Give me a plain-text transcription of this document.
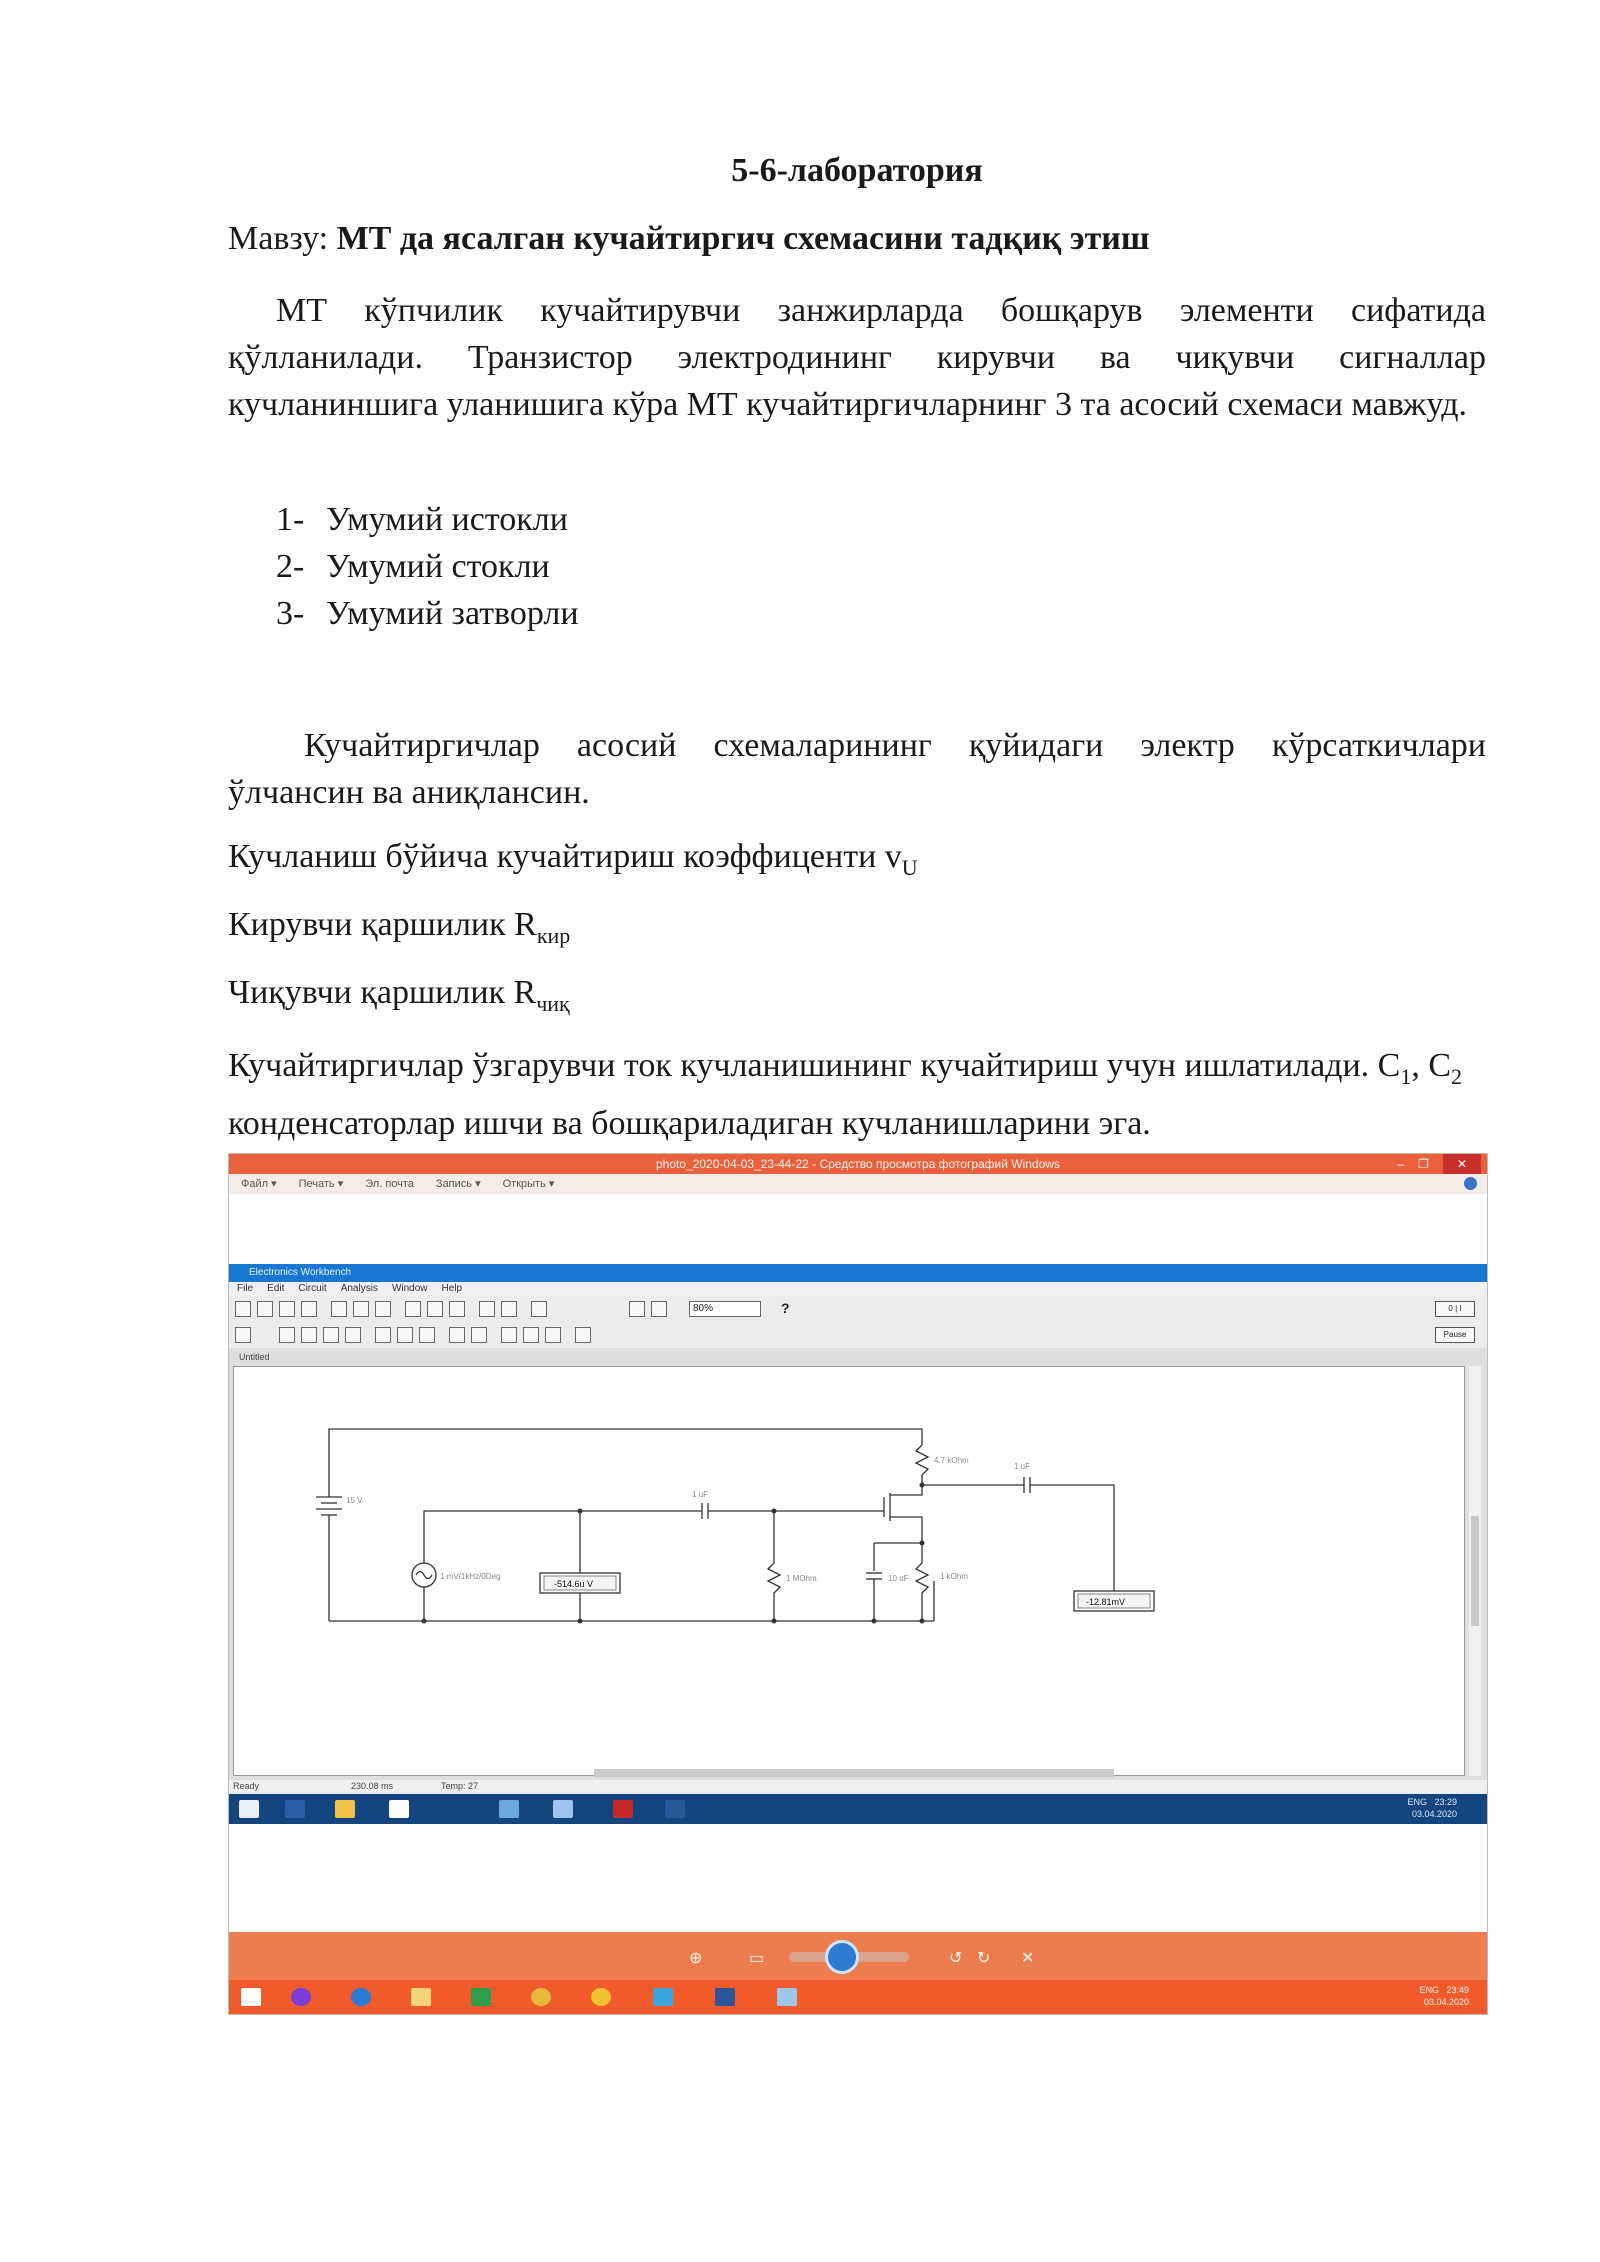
5-6-лаборатория
Мавзу: МТ да ясалган кучайтиргич схемасини тадқиқ этиш
МТ кўпчилик кучайтирувчи занжирларда бошқарув элементи сифатида қўлланилади. Транзистор электродининг кирувчи ва чиқувчи сигналлар кучланиншига уланишига кўра МТ кучайтиргичларнинг 3 та асосий схемаси мавжуд.
1- Умумий истокли
2- Умумий стокли
3- Умумий затворли
Кучайтиргичлар асосий схемаларининг қуйидаги электр кўрсаткичлари ўлчансин ва аниқлансин.
Кучланиш бўйича кучайтириш коэффиценти $v_U$
Кирувчи қаршилик $R_{кир}$
Чиқувчи қаршилик $R_{чиқ}$
Кучайтиргичлар ўзгарувчи ток кучланишининг кучайтириш учун ишлатилади. $C_1$, $C_2$ конденсаторлар ишчи ва бошқариладиган кучланишларини эга.
photo_2020-04-03_23-44-22 - Средство просмотра фотографий Windows	– ❐	✕
Файл ▾ Печать ▾ Эл. почта Запись ▾ Открыть ▾
Electronics Workbench
File Edit Circuit Analysis Window Help
80%	?	0 | I
Pause
Untitled
15 V
1 uF
1 mV/1kHz/0Deg	1 MOhm
4.7 kOhm
1 uF
10 uF	1 kOhm
-514.6u V
-12.81mV
Ready	230.08 ms	Temp: 27
ENG 23:29
03.04.2020
⊕	▭	↺ ↻ ✕
ENG 23:49
03.04.2020
